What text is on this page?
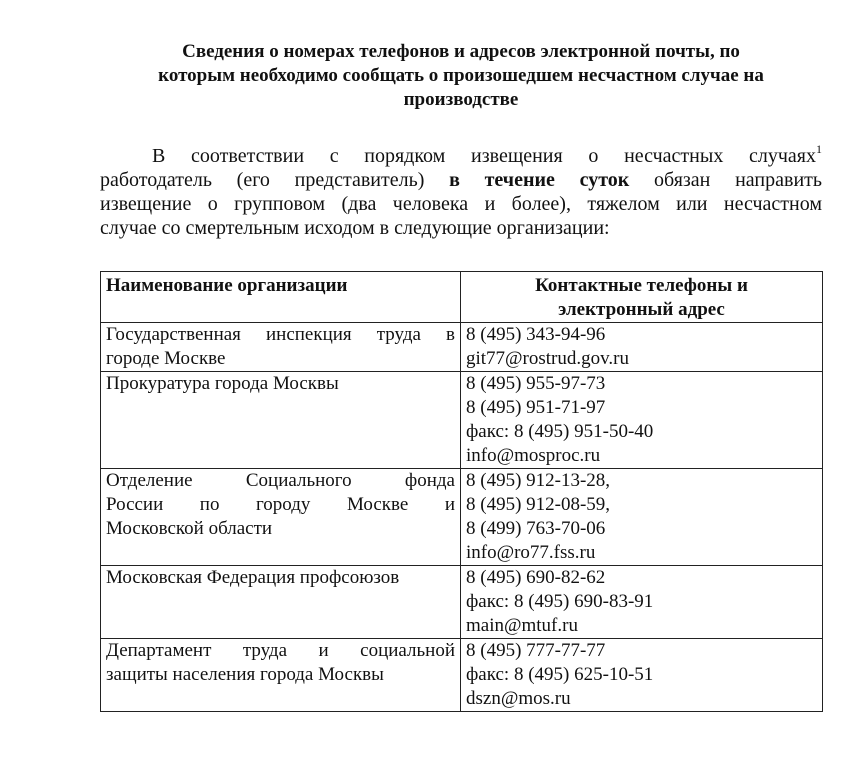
Сведения о номерах телефонов и адресов электронной почты, по
которым необходимо сообщать о произошедшем несчастном случае на
производстве

В соответствии с порядком извещения о несчастных случаях$^1$
работодатель (его представитель) в течение суток обязан направить
извещение о групповом (два человека и более), тяжелом или несчастном
случае со смертельным исходом в следующие организации:

Наименование организации	Контактные телефоны и
электронный адрес

Государственная инспекция труда в
городе Москве	8 (495) 343-94-96
git77@rostrud.gov.ru

Прокуратура города Москвы	8 (495) 955-97-73
8 (495) 951-71-97
факс: 8 (495) 951-50-40
info@mosproc.ru

Отделение Социального фонда
России по городу Москве и
Московской области	8 (495) 912-13-28,
8 (495) 912-08-59,
8 (499) 763-70-06
info@ro77.fss.ru

Московская Федерация профсоюзов	8 (495) 690-82-62
факс: 8 (495) 690-83-91
main@mtuf.ru

Департамент труда и социальной
защиты населения города Москвы	8 (495) 777-77-77
факс: 8 (495) 625-10-51
dszn@mos.ru
